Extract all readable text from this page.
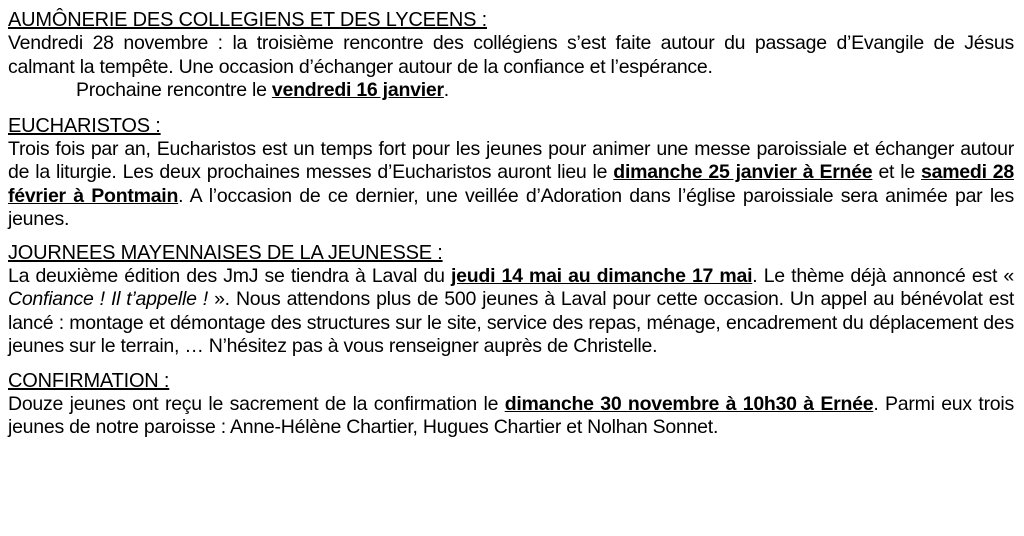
AUMÔNERIE DES COLLEGIENS ET DES LYCEENS :

Vendredi 28 novembre : la troisième rencontre des collégiens s’est faite autour du passage d’Evangile de Jésus calmant la tempête. Une occasion d’échanger autour de la confiance et l’espérance.

Prochaine rencontre le vendredi 16 janvier.

EUCHARISTOS :

Trois fois par an, Eucharistos est un temps fort pour les jeunes pour animer une messe paroissiale et échanger autour de la liturgie. Les deux prochaines messes d’Eucharistos auront lieu le dimanche 25 janvier à Ernée et le samedi 28 février à Pontmain. A l’occasion de ce dernier, une veillée d’Adoration dans l’église paroissiale sera animée par les jeunes.

JOURNEES MAYENNAISES DE LA JEUNESSE :

La deuxième édition des JmJ se tiendra à Laval du jeudi 14 mai au dimanche 17 mai. Le thème déjà annoncé est « Confiance ! Il t’appelle ! ». Nous attendons plus de 500 jeunes à Laval pour cette occasion. Un appel au bénévolat est lancé : montage et démontage des structures sur le site, service des repas, ménage, encadrement du déplacement des jeunes sur le terrain, … N’hésitez pas à vous renseigner auprès de Christelle.

CONFIRMATION :

Douze jeunes ont reçu le sacrement de la confirmation le dimanche 30 novembre à 10h30 à Ernée. Parmi eux trois jeunes de notre paroisse : Anne-Hélène Chartier, Hugues Chartier et Nolhan Sonnet.
